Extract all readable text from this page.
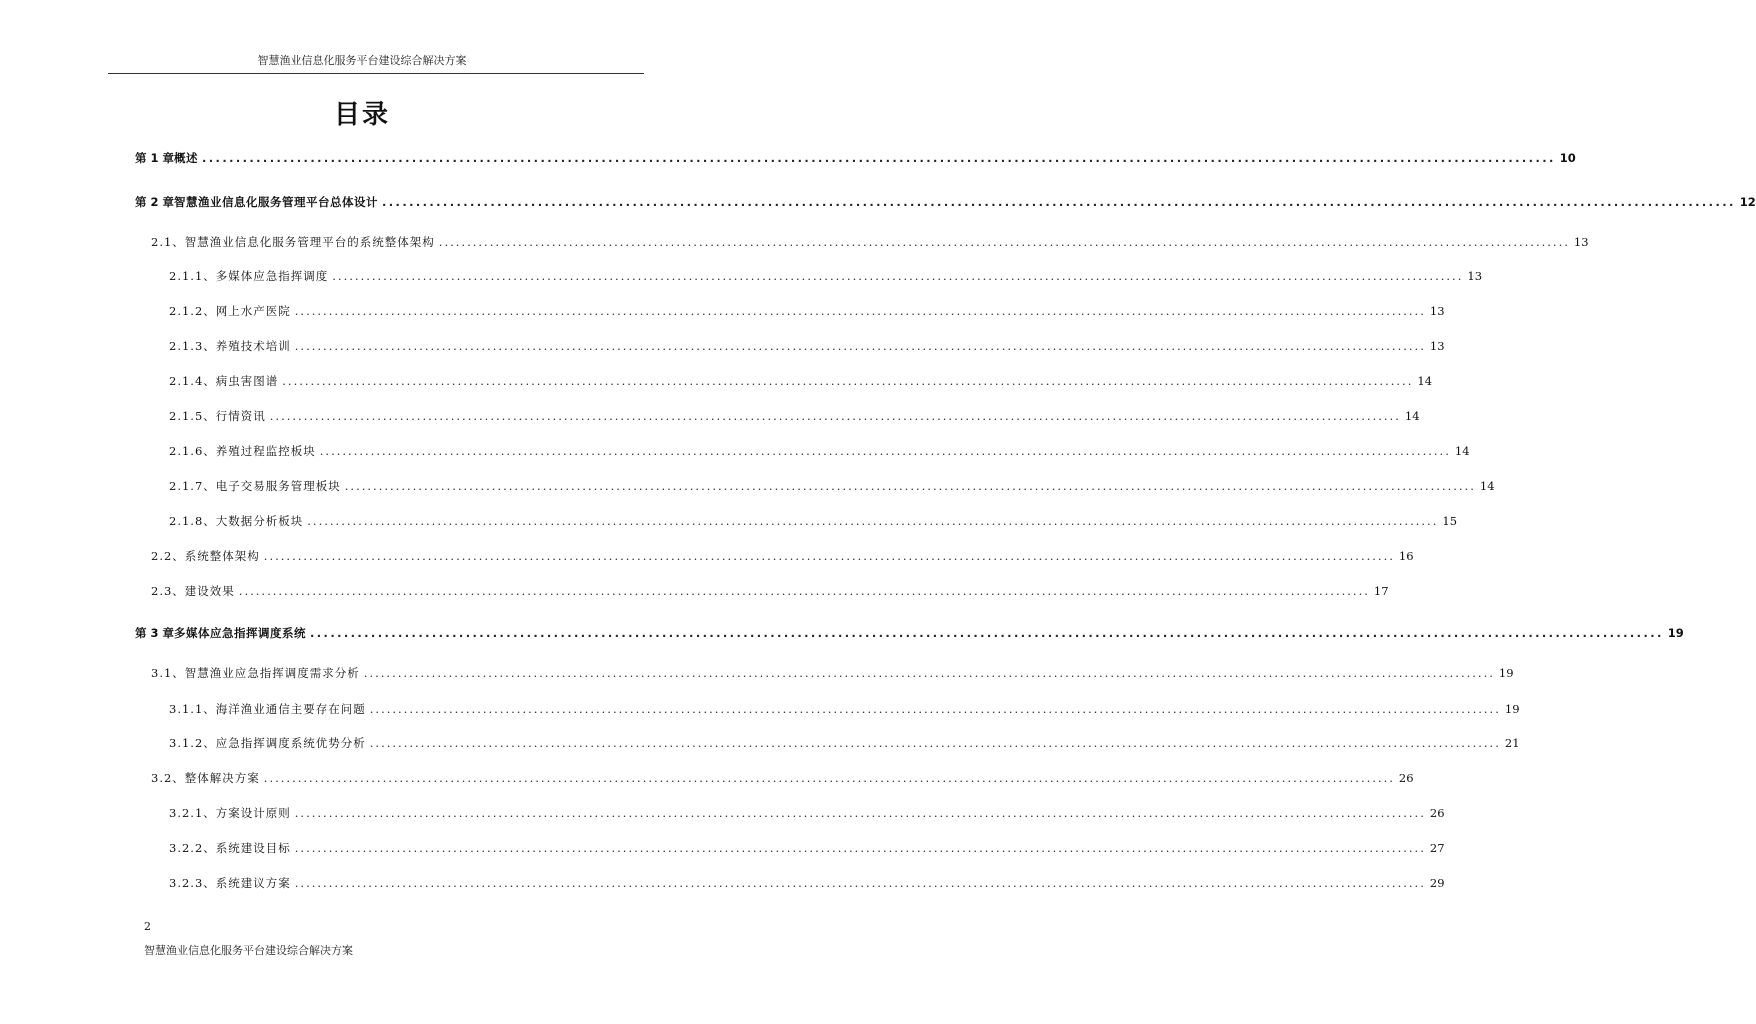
智慧渔业信息化服务平台建设综合解决方案
目录
第 1 章 概述 ........................................................................................................................................................................................................ 10
第 2 章 智慧渔业信息化服务管理平台总体设计 ........................................................................................................................................................................................................ 12
2.1、 智慧渔业信息化服务管理平台的系统整体架构 ........................................................................................................................................................................................................ 13
2.1.1、 多媒体应急指挥调度 ........................................................................................................................................................................................................ 13
2.1.2、 网上水产医院 ........................................................................................................................................................................................................ 13
2.1.3、 养殖技术培训 ........................................................................................................................................................................................................ 13
2.1.4、 病虫害图谱 ........................................................................................................................................................................................................ 14
2.1.5、 行情资讯 ........................................................................................................................................................................................................ 14
2.1.6、 养殖过程监控板块 ........................................................................................................................................................................................................ 14
2.1.7、 电子交易服务管理板块 ........................................................................................................................................................................................................ 14
2.1.8、 大数据分析板块 ........................................................................................................................................................................................................ 15
2.2、 系统整体架构 ........................................................................................................................................................................................................ 16
2.3、 建设效果 ........................................................................................................................................................................................................ 17
第 3 章 多媒体应急指挥调度系统 ........................................................................................................................................................................................................ 19
3.1、 智慧渔业应急指挥调度需求分析 ........................................................................................................................................................................................................ 19
3.1.1、 海洋渔业通信主要存在问题 ........................................................................................................................................................................................................ 19
3.1.2、 应急指挥调度系统优势分析 ........................................................................................................................................................................................................ 21
3.2、 整体解决方案 ........................................................................................................................................................................................................ 26
3.2.1、 方案设计原则 ........................................................................................................................................................................................................ 26
3.2.2、 系统建设目标 ........................................................................................................................................................................................................ 27
3.2.3、 系统建议方案 ........................................................................................................................................................................................................ 29
2
智慧渔业信息化服务平台建设综合解决方案
